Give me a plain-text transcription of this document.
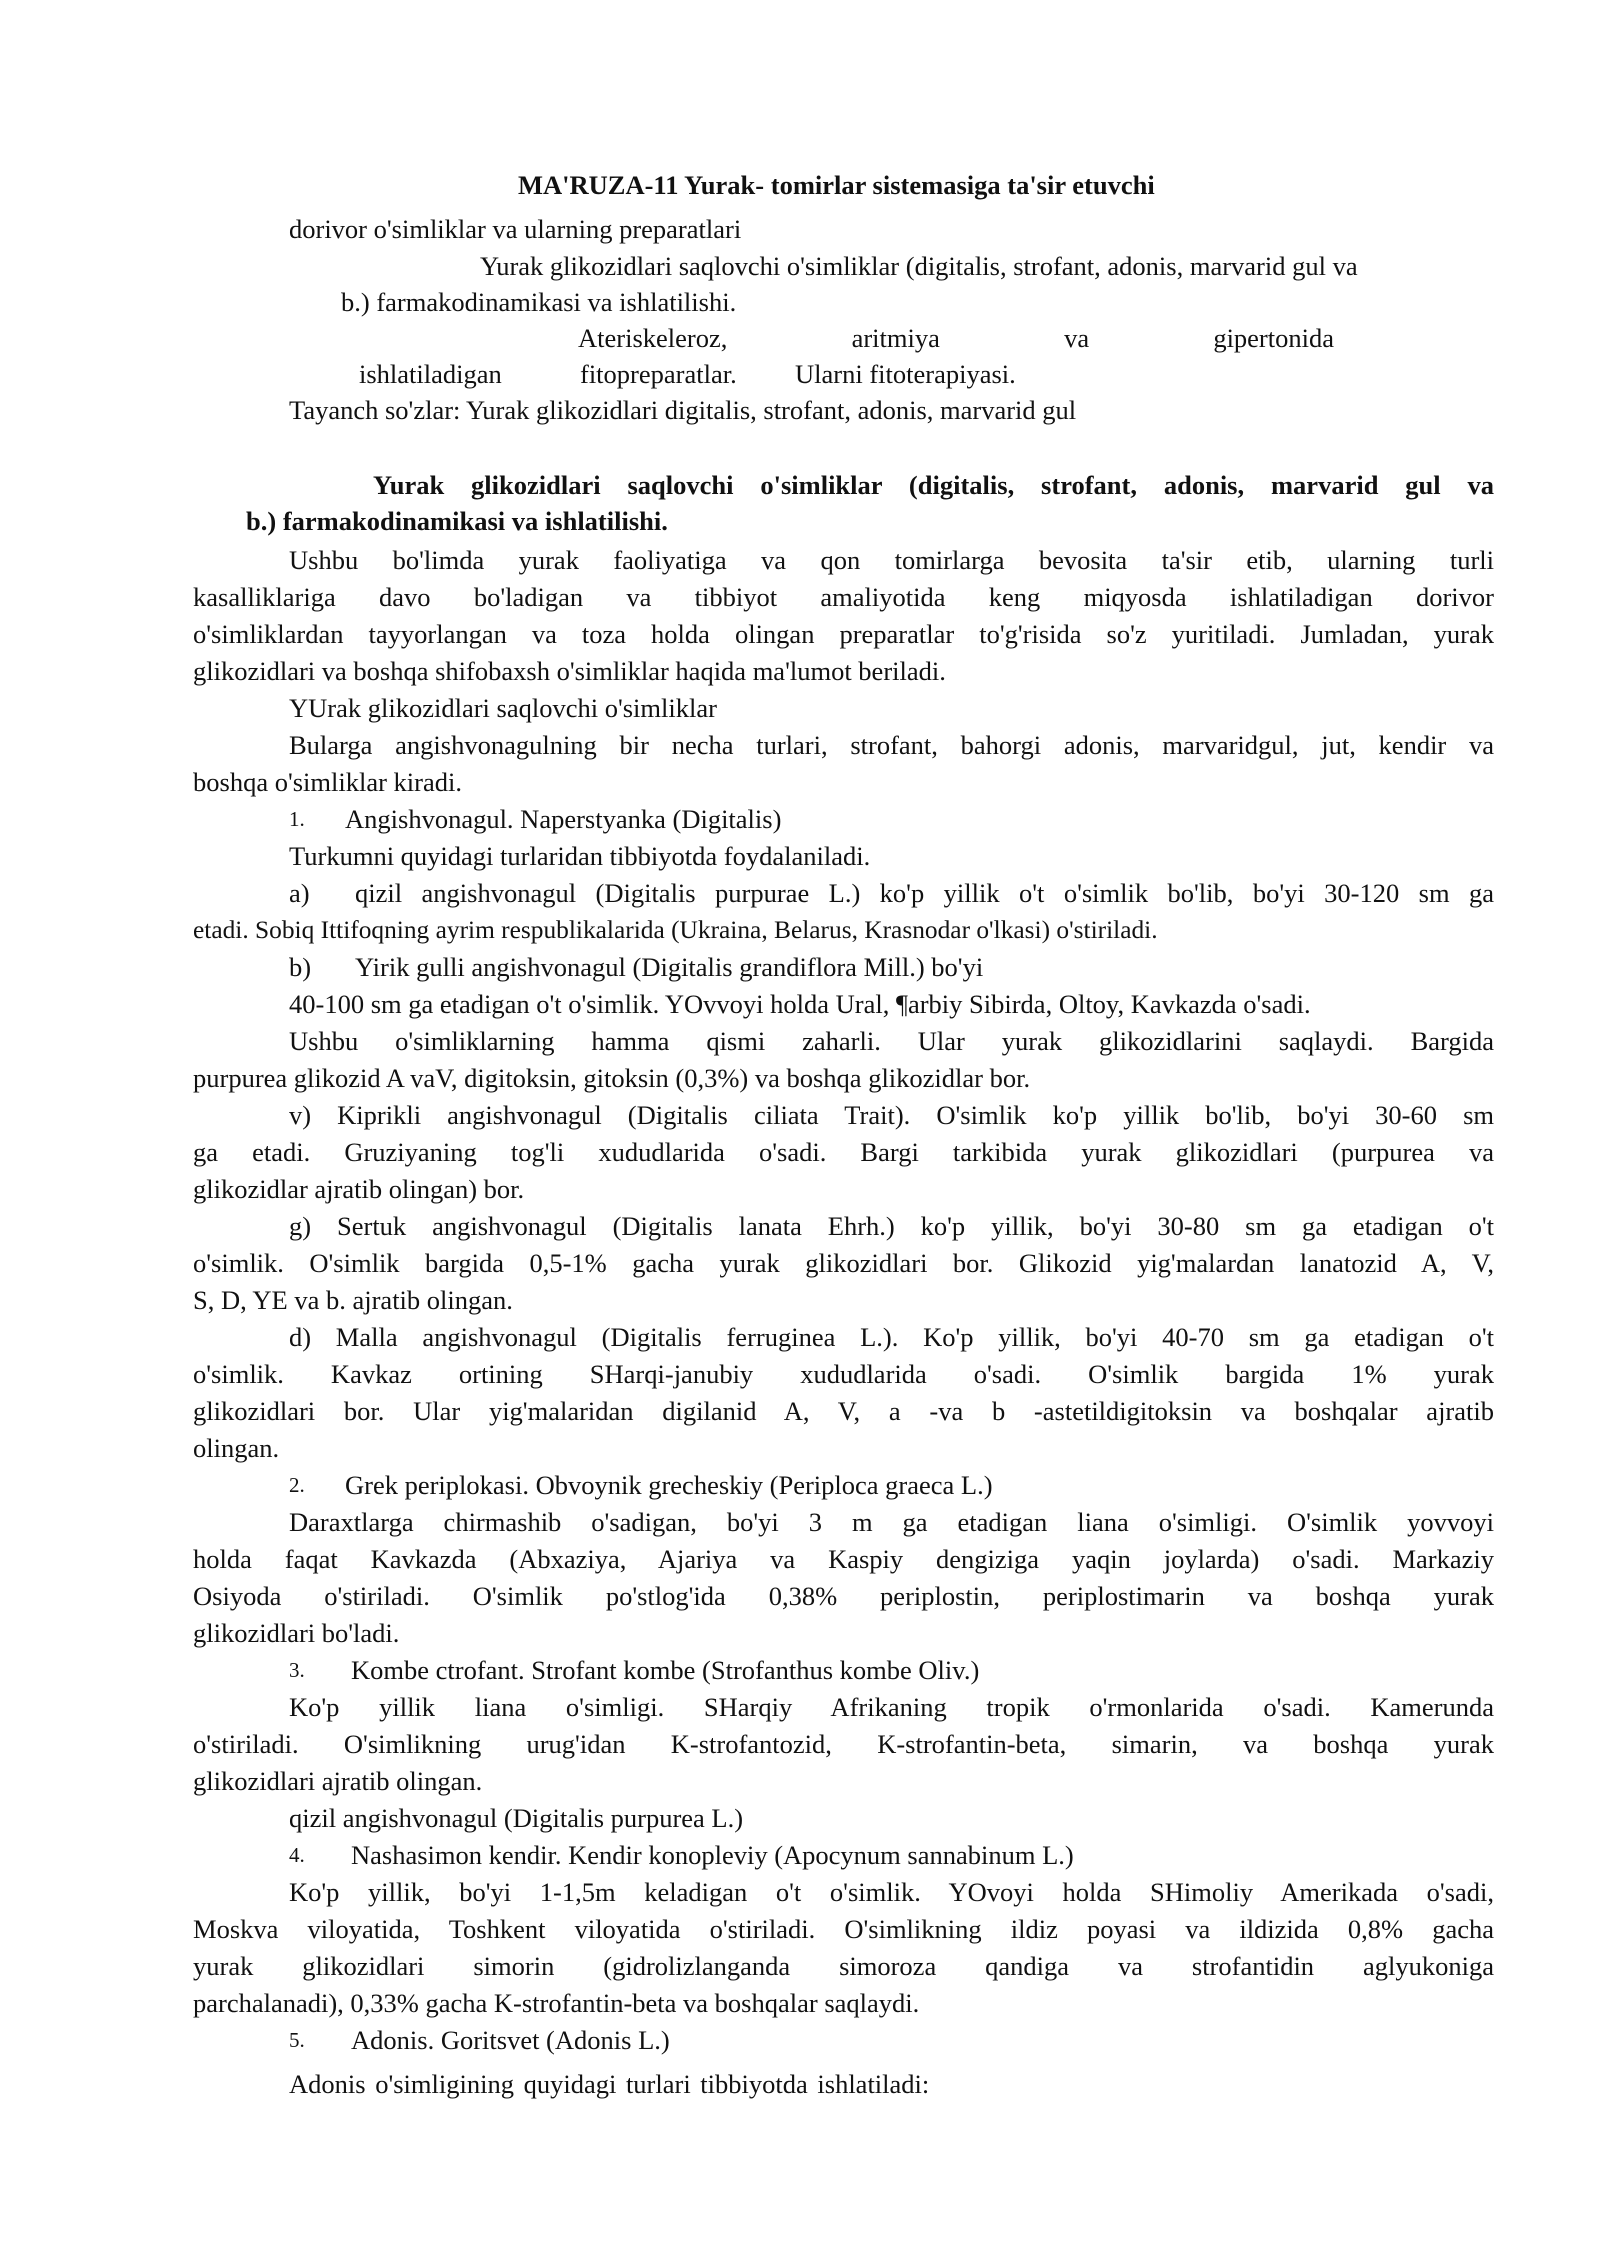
MA'RUZA-11 Yurak- tomirlar sistemasiga ta'sir etuvchi
dorivor o'simliklar va ularning preparatlari
Yurak glikozidlari saqlovchi o'simliklar (digitalis, strofant, adonis, marvarid gul va
b.) farmakodinamikasi va ishlatilishi.
Ateriskeleroz,	aritmiya	va	gipertonida
ishlatiladigan	fitopreparatlar. Ularni fitoterapiyasi.
Tayanch so'zlar: Yurak glikozidlari digitalis, strofant, adonis, marvarid gul
Yurak glikozidlari saqlovchi o'simliklar (digitalis, strofant, adonis, marvarid gul va
b.) farmakodinamikasi va ishlatilishi.
Ushbu bo'limda yurak faoliyatiga va qon tomirlarga bevosita ta'sir etib, ularning turli
kasalliklariga davo bo'ladigan va tibbiyot amaliyotida keng miqyosda ishlatiladigan dorivor
o'simliklardan tayyorlangan va toza holda olingan preparatlar to'g'risida so'z yuritiladi. Jumladan, yurak
glikozidlari va boshqa shifobaxsh o'simliklar haqida ma'lumot beriladi.
YUrak glikozidlari saqlovchi o'simliklar
Bularga angishvonagulning bir necha turlari, strofant, bahorgi adonis, marvaridgul, jut, kendir va
boshqa o'simliklar kiradi.
1. Angishvonagul. Naperstyanka (Digitalis)
Turkumni quyidagi turlaridan tibbiyotda foydalaniladi.
a) qizil angishvonagul (Digitalis purpurae L.) ko'p yillik o't o'simlik bo'lib, bo'yi 30-120 sm ga
etadi. Sobiq Ittifoqning ayrim respublikalarida (Ukraina, Belarus, Krasnodar o'lkasi) o'stiriladi.
b) Yirik gulli angishvonagul (Digitalis grandiflora Mill.) bo'yi
40-100 sm ga etadigan o't o'simlik. YOvvoyi holda Ural, ¶arbiy Sibirda, Oltoy, Kavkazda o'sadi.
Ushbu o'simliklarning hamma qismi zaharli. Ular yurak glikozidlarini saqlaydi. Bargida
purpurea glikozid A vaV, digitoksin, gitoksin (0,3%) va boshqa glikozidlar bor.
v) Kiprikli angishvonagul (Digitalis ciliata Trait). O'simlik ko'p yillik bo'lib, bo'yi 30-60 sm
ga etadi. Gruziyaning tog'li xududlarida o'sadi. Bargi tarkibida yurak glikozidlari (purpurea va
glikozidlar ajratib olingan) bor.
g) Sertuk angishvonagul (Digitalis lanata Ehrh.) ko'p yillik, bo'yi 30-80 sm ga etadigan o't
o'simlik. O'simlik bargida 0,5-1% gacha yurak glikozidlari bor. Glikozid yig'malardan lanatozid A, V,
S, D, YE va b. ajratib olingan.
d) Malla angishvonagul (Digitalis ferruginea L.). Ko'p yillik, bo'yi 40-70 sm ga etadigan o't
o'simlik. Kavkaz ortining SHarqi-janubiy xududlarida o'sadi. O'simlik bargida 1% yurak
glikozidlari bor. Ular yig'malaridan digilanid A, V, a -va b -astetildigitoksin va boshqalar ajratib
olingan.
2. Grek periplokasi. Obvoynik grecheskiy (Periploca graeca L.)
Daraxtlarga chirmashib o'sadigan, bo'yi 3 m ga etadigan liana o'simligi. O'simlik yovvoyi
holda faqat Kavkazda (Abxaziya, Ajariya va Kaspiy dengiziga yaqin joylarda) o'sadi. Markaziy
Osiyoda o'stiriladi. O'simlik po'stlog'ida 0,38% periplostin, periplostimarin va boshqa yurak
glikozidlari bo'ladi.
3. Kombe ctrofant. Strofant kombe (Strofanthus kombe Oliv.)
Ko'p yillik liana o'simligi. SHarqiy Afrikaning tropik o'rmonlarida o'sadi. Kamerunda
o'stiriladi. O'simlikning urug'idan K-strofantozid, K-strofantin-beta, simarin, va boshqa yurak
glikozidlari ajratib olingan.
qizil angishvonagul (Digitalis purpurea L.)
4. Nashasimon kendir. Kendir konopleviy (Apocynum sannabinum L.)
Ko'p yillik, bo'yi 1-1,5m keladigan o't o'simlik. YOvoyi holda SHimoliy Amerikada o'sadi,
Moskva viloyatida, Toshkent viloyatida o'stiriladi. O'simlikning ildiz poyasi va ildizida 0,8% gacha
yurak glikozidlari simorin (gidrolizlanganda simoroza qandiga va strofantidin aglyukoniga
parchalanadi), 0,33% gacha K-strofantin-beta va boshqalar saqlaydi.
5. Adonis. Goritsvet (Adonis L.)
Adonis o'simligining quyidagi turlari tibbiyotda ishlatiladi:
